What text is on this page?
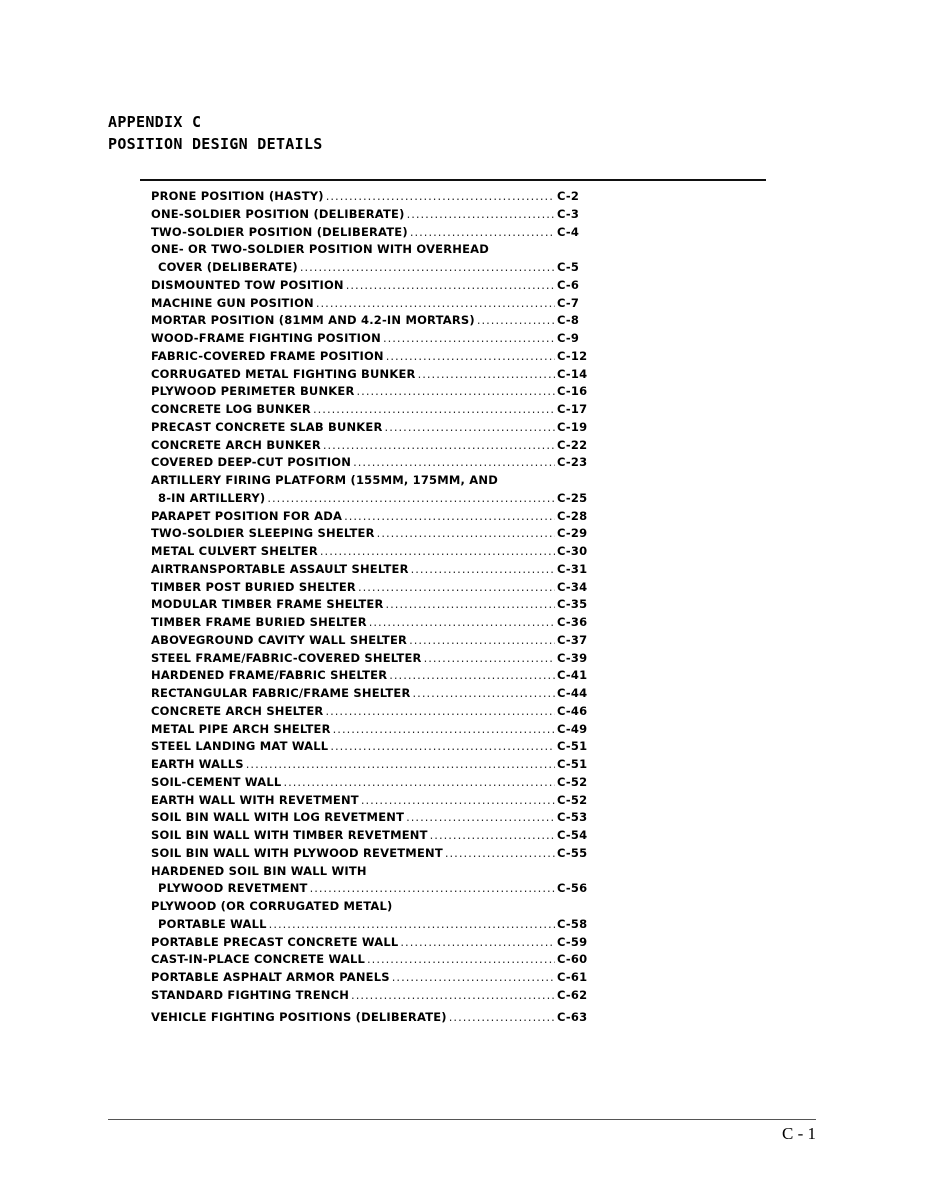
APPENDIX C
POSITION DESIGN DETAILS
PRONE POSITION (HASTY) .....	C-2
ONE-SOLDIER POSITION (DELIBERATE) .....	C-3
TWO-SOLDIER POSITION (DELIBERATE) .....	C-4
ONE- OR TWO-SOLDIER POSITION WITH OVERHEAD
COVER (DELIBERATE) .....	C-5
DISMOUNTED TOW POSITION .....	C-6
MACHINE GUN POSITION .....	C-7
MORTAR POSITION (81MM AND 4.2-IN MORTARS) .....	C-8
WOOD-FRAME FIGHTING POSITION .....	C-9
FABRIC-COVERED FRAME POSITION .....	C-12
CORRUGATED METAL FIGHTING BUNKER .....	C-14
PLYWOOD PERIMETER BUNKER .....	C-16
CONCRETE LOG BUNKER .....	C-17
PRECAST CONCRETE SLAB BUNKER .....	C-19
CONCRETE ARCH BUNKER .....	C-22
COVERED DEEP-CUT POSITION .....	C-23
ARTILLERY FIRING PLATFORM (155MM, 175MM, AND
8-IN ARTILLERY) .....	C-25
PARAPET POSITION FOR ADA .....	C-28
TWO-SOLDIER SLEEPING SHELTER .....	C-29
METAL CULVERT SHELTER .....	C-30
AIRTRANSPORTABLE ASSAULT SHELTER .....	C-31
TIMBER POST BURIED SHELTER .....	C-34
MODULAR TIMBER FRAME SHELTER .....	C-35
TIMBER FRAME BURIED SHELTER .....	C-36
ABOVEGROUND CAVITY WALL SHELTER .....	C-37
STEEL FRAME/FABRIC-COVERED SHELTER .....	C-39
HARDENED FRAME/FABRIC SHELTER .....	C-41
RECTANGULAR FABRIC/FRAME SHELTER .....	C-44
CONCRETE ARCH SHELTER .....	C-46
METAL PIPE ARCH SHELTER .....	C-49
STEEL LANDING MAT WALL .....	C-51
EARTH WALLS .....	C-51
SOIL-CEMENT WALL .....	C-52
EARTH WALL WITH REVETMENT .....	C-52
SOIL BIN WALL WITH LOG REVETMENT .....	C-53
SOIL BIN WALL WITH TIMBER REVETMENT .....	C-54
SOIL BIN WALL WITH PLYWOOD REVETMENT .....	C-55
HARDENED SOIL BIN WALL WITH
PLYWOOD REVETMENT .....	C-56
PLYWOOD (OR CORRUGATED METAL)
PORTABLE WALL .....	C-58
PORTABLE PRECAST CONCRETE WALL .....	C-59
CAST-IN-PLACE CONCRETE WALL .....	C-60
PORTABLE ASPHALT ARMOR PANELS .....	C-61
STANDARD FIGHTING TRENCH .....	C-62
VEHICLE FIGHTING POSITIONS (DELIBERATE) .....	C-63
C - 1
